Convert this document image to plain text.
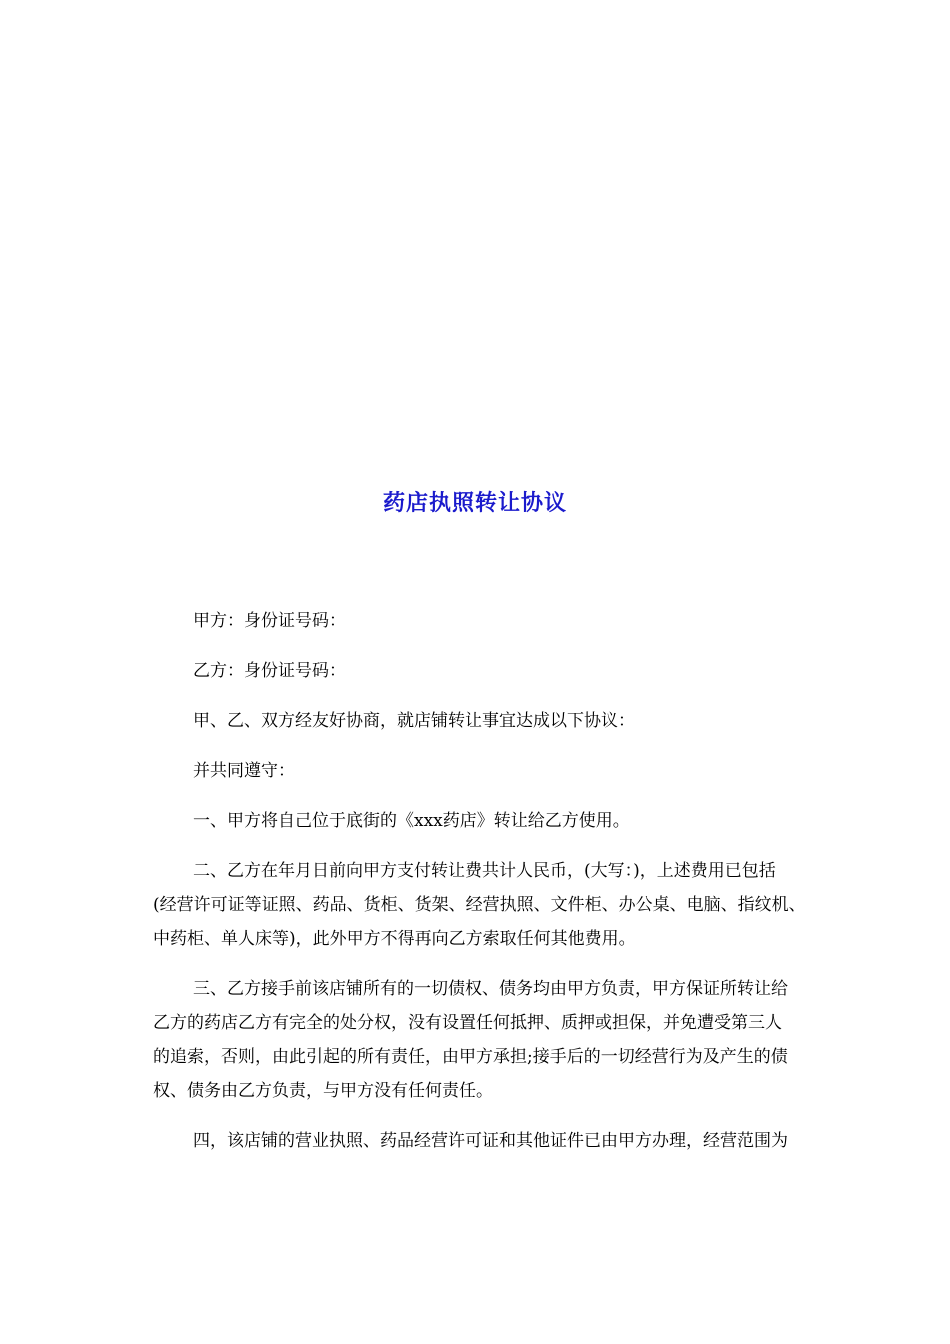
药店执照转让协议
甲方：身份证号码：
乙方：身份证号码：
甲、乙、双方经友好协商，就店铺转让事宜达成以下协议：
并共同遵守：
一、甲方将自己位于底街的《xxx药店》转让给乙方使用。
二、乙方在年月日前向甲方支付转让费共计人民币，(大写：)，上述费用已包括
(经营许可证等证照、药品、货柜、货架、经营执照、文件柜、办公桌、电脑、指纹机、
中药柜、单人床等)，此外甲方不得再向乙方索取任何其他费用。
三、乙方接手前该店铺所有的一切债权、债务均由甲方负责，甲方保证所转让给
乙方的药店乙方有完全的处分权，没有设置任何抵押、质押或担保，并免遭受第三人
的追索，否则，由此引起的所有责任，由甲方承担;接手后的一切经营行为及产生的债
权、债务由乙方负责，与甲方没有任何责任。
四，该店铺的营业执照、药品经营许可证和其他证件已由甲方办理，经营范围为
